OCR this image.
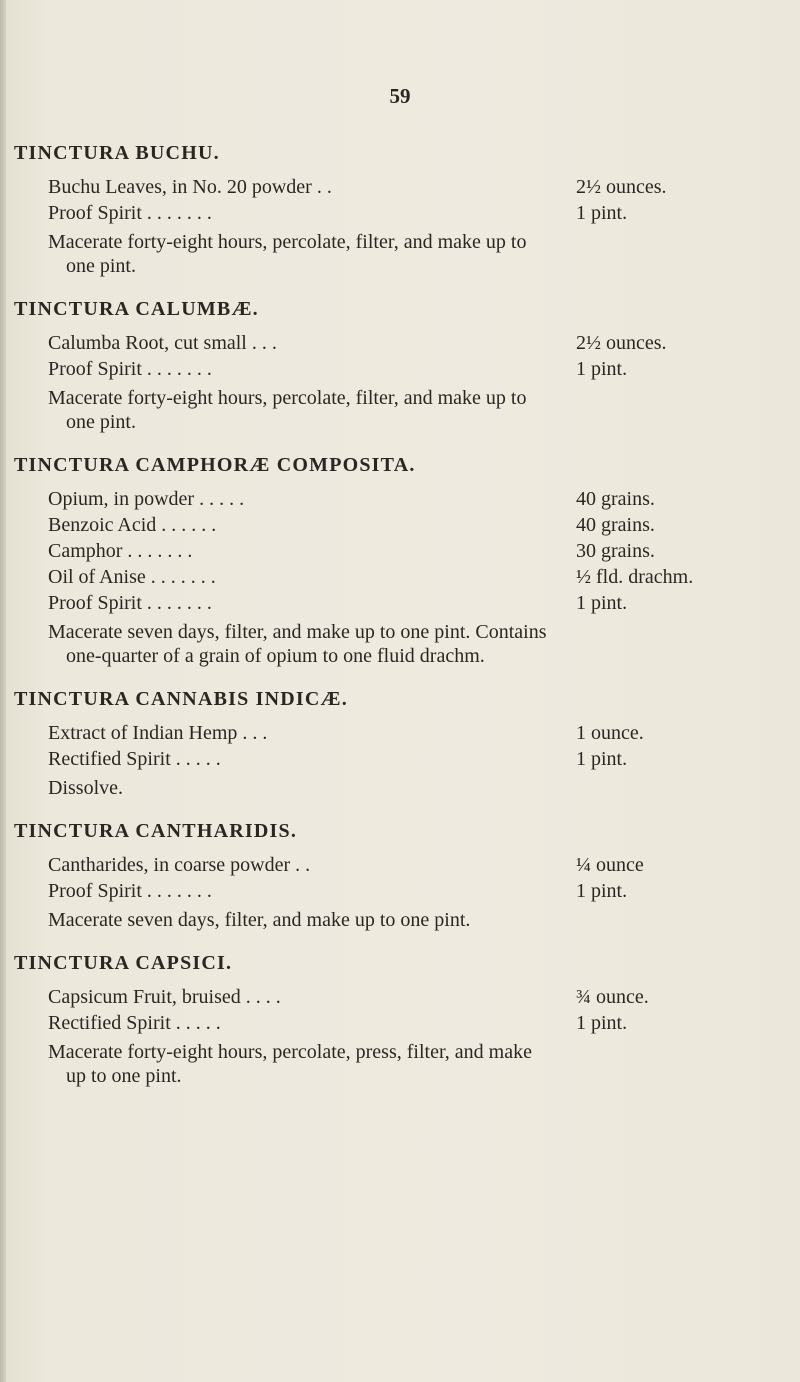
59
TINCTURA BUCHU.
Buchu Leaves, in No. 20 powder . .	2½ ounces.
Proof Spirit . . . . . . .	1 pint.
Macerate forty-eight hours, percolate, filter, and make up to one pint.
TINCTURA CALUMBÆ.
Calumba Root, cut small . . .	2½ ounces.
Proof Spirit . . . . . . .	1 pint.
Macerate forty-eight hours, percolate, filter, and make up to one pint.
TINCTURA CAMPHORÆ COMPOSITA.
Opium, in powder . . . . .	40 grains.
Benzoic Acid . . . . . .	40 grains.
Camphor . . . . . . .	30 grains.
Oil of Anise . . . . . . .	½ fld. drachm.
Proof Spirit . . . . . . .	1 pint.
Macerate seven days, filter, and make up to one pint. Contains one-quarter of a grain of opium to one fluid drachm.
TINCTURA CANNABIS INDICÆ.
Extract of Indian Hemp . . .	1 ounce.
Rectified Spirit . . . . .	1 pint.
Dissolve.
TINCTURA CANTHARIDIS.
Cantharides, in coarse powder . .	¼ ounce
Proof Spirit . . . . . . .	1 pint.
Macerate seven days, filter, and make up to one pint.
TINCTURA CAPSICI.
Capsicum Fruit, bruised . . . .	¾ ounce.
Rectified Spirit . . . . .	1 pint.
Macerate forty-eight hours, percolate, press, filter, and make up to one pint.
